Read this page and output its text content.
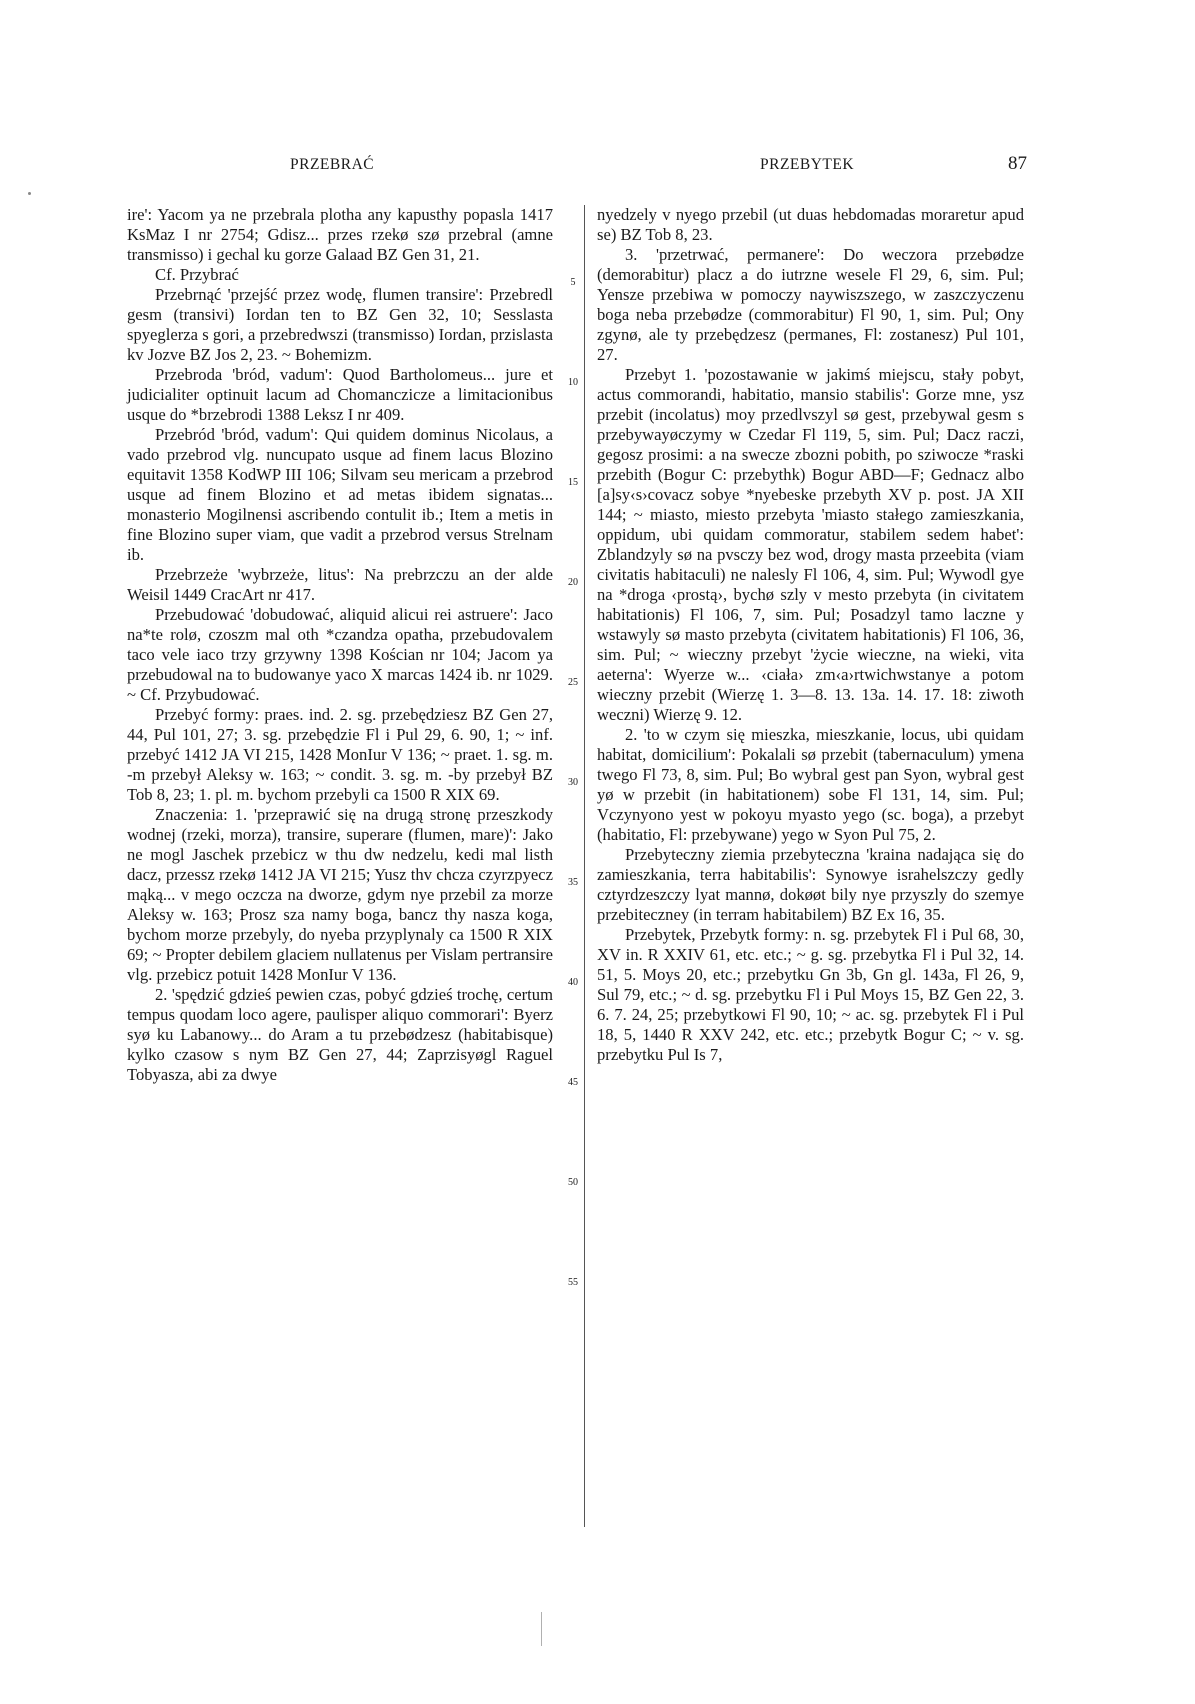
PRZEBRAĆ	PRZEBYTEK	87

ire': Yacom ya ne przebrala plotha any kapusthy popasla 1417 KsMaz I nr 2754; Gdisz... przes rzekø szø przebral (amne transmisso) i gechal ku gorze Galaad BZ Gen 31, 21.

Cf. Przybrać

Przebrnąć 'przejść przez wodę, flumen transire': Przebredl gesm (transivi) Iordan ten to BZ Gen 32, 10; Sesslasta spyeglerza s gori, a przebredwszi (transmisso) Iordan, przislasta kv Jozve BZ Jos 2, 23. ~ Bohemizm.

Przebroda 'bród, vadum': Quod Bartholomeus... jure et judicialiter optinuit lacum ad Chomanczicze a limitacionibus usque do *brzebrodi 1388 Leksz I nr 409.

Przebród 'bród, vadum': Qui quidem dominus Nicolaus, a vado przebrod vlg. nuncupato usque ad finem lacus Blozino equitavit 1358 KodWP III 106; Silvam seu mericam a przebrod usque ad finem Blozino et ad metas ibidem signatas... monasterio Mogilnensi ascribendo contulit ib.; Item a metis in fine Blozino super viam, que vadit a przebrod versus Strelnam ib.

Przebrzeże 'wybrzeże, litus': Na prebrzczu an der alde Weisil 1449 CracArt nr 417.

Przebudować 'dobudować, aliquid alicui rei astruere': Jaco na*te rolø, czoszm mal oth *czandza opatha, przebudovalem taco vele iaco trzy grzywny 1398 Kościan nr 104; Jacom ya przebudowal na to budowanye yaco X marcas 1424 ib. nr 1029. ~ Cf. Przybudować.

Przebyć formy: praes. ind. 2. sg. przebędziesz BZ Gen 27, 44, Pul 101, 27; 3. sg. przebędzie Fl i Pul 29, 6. 90, 1; ~ inf. przebyć 1412 JA VI 215, 1428 MonIur V 136; ~ praet. 1. sg. m. -m przebył Aleksy w. 163; ~ condit. 3. sg. m. -by przebył BZ Tob 8, 23; 1. pl. m. bychom przebyli ca 1500 R XIX 69.

Znaczenia: 1. 'przeprawić się na drugą stronę przeszkody wodnej (rzeki, morza), transire, superare (flumen, mare)': Jako ne mogl Jaschek przebicz w thu dw nedzelu, kedi mal listh dacz, przessz rzekø 1412 JA VI 215; Yusz thv chcza czyrzpyecz mąką... v mego oczcza na dworze, gdym nye przebil za morze Aleksy w. 163; Prosz sza namy boga, bancz thy nasza koga, bychom morze przebyly, do nyeba przyplynaly ca 1500 R XIX 69; ~ Propter debilem glaciem nullatenus per Vislam pertransire vlg. przebicz potuit 1428 MonIur V 136.

2. 'spędzić gdzieś pewien czas, pobyć gdzieś trochę, certum tempus quodam loco agere, paulisper aliquo commorari': Byerz syø ku Labanowy... do Aram a tu przebødzesz (habitabisque) kylko czasow s nym BZ Gen 27, 44; Zaprzisyøgl Raguel Tobyasza, abi za dwye

5
10
15
20
25
30
35
40
45
50
55

nyedzely v nyego przebil (ut duas hebdomadas moraretur apud se) BZ Tob 8, 23.

3. 'przetrwać, permanere': Do weczora przebødze (demorabitur) placz a do iutrzne wesele Fl 29, 6, sim. Pul; Yensze przebiwa w pomoczy naywiszszego, w zaszczyczenu boga neba przebødze (commorabitur) Fl 90, 1, sim. Pul; Ony zgynø, ale ty przebędzesz (permanes, Fl: zostanesz) Pul 101, 27.

Przebyt 1. 'pozostawanie w jakimś miejscu, stały pobyt, actus commorandi, habitatio, mansio stabilis': Gorze mne, ysz przebit (incolatus) moy przedlvszyl sø gest, przebywal gesm s przebywayøczymy w Czedar Fl 119, 5, sim. Pul; Dacz raczi, gegosz prosimi: a na swecze zbozni pobith, po sziwocze *raski przebith (Bogur C: przebythk) Bogur ABD—F; Gednacz albo [a]sy‹s›covacz sobye *nyebeske przebyth XV p. post. JA XII 144; ~ miasto, miesto przebyta 'miasto stałego zamieszkania, oppidum, ubi quidam commoratur, stabilem sedem habet': Zblandzyly sø na pvsczy bez wod, drogy masta przeebita (viam civitatis habitaculi) ne nalesly Fl 106, 4, sim. Pul; Wywodl gye na *droga ‹prostą›, bychø szly v mesto przebyta (in civitatem habitationis) Fl 106, 7, sim. Pul; Posadzyl tamo laczne y wstawyly sø masto przebyta (civitatem habitationis) Fl 106, 36, sim. Pul; ~ wieczny przebyt 'życie wieczne, na wieki, vita aeterna': Wyerze w... ‹ciała› zm‹a›rtwichwstanye a potom wieczny przebit (Wierzę 1. 3—8. 13. 13a. 14. 17. 18: ziwoth weczni) Wierzę 9. 12.

2. 'to w czym się mieszka, mieszkanie, locus, ubi quidam habitat, domicilium': Pokalali sø przebit (tabernaculum) ymena twego Fl 73, 8, sim. Pul; Bo wybral gest pan Syon, wybral gest yø w przebit (in habitationem) sobe Fl 131, 14, sim. Pul; Vczynyono yest w pokoyu myasto yego (sc. boga), a przebyt (habitatio, Fl: przebywane) yego w Syon Pul 75, 2.

Przebyteczny ziemia przebyteczna 'kraina nadająca się do zamieszkania, terra habitabilis': Synowye israhelszczy gedly cztyrdzeszczy lyat mannø, dokøøt bily nye przyszly do szemye przebiteczney (in terram habitabilem) BZ Ex 16, 35.

Przebytek, Przebytk formy: n. sg. przebytek Fl i Pul 68, 30, XV in. R XXIV 61, etc. etc.; ~ g. sg. przebytka Fl i Pul 32, 14. 51, 5. Moys 20, etc.; przebytku Gn 3b, Gn gl. 143a, Fl 26, 9, Sul 79, etc.; ~ d. sg. przebytku Fl i Pul Moys 15, BZ Gen 22, 3. 6. 7. 24, 25; przebytkowi Fl 90, 10; ~ ac. sg. przebytek Fl i Pul 18, 5, 1440 R XXV 242, etc. etc.; przebytk Bogur C; ~ v. sg. przebytku Pul Is 7,
